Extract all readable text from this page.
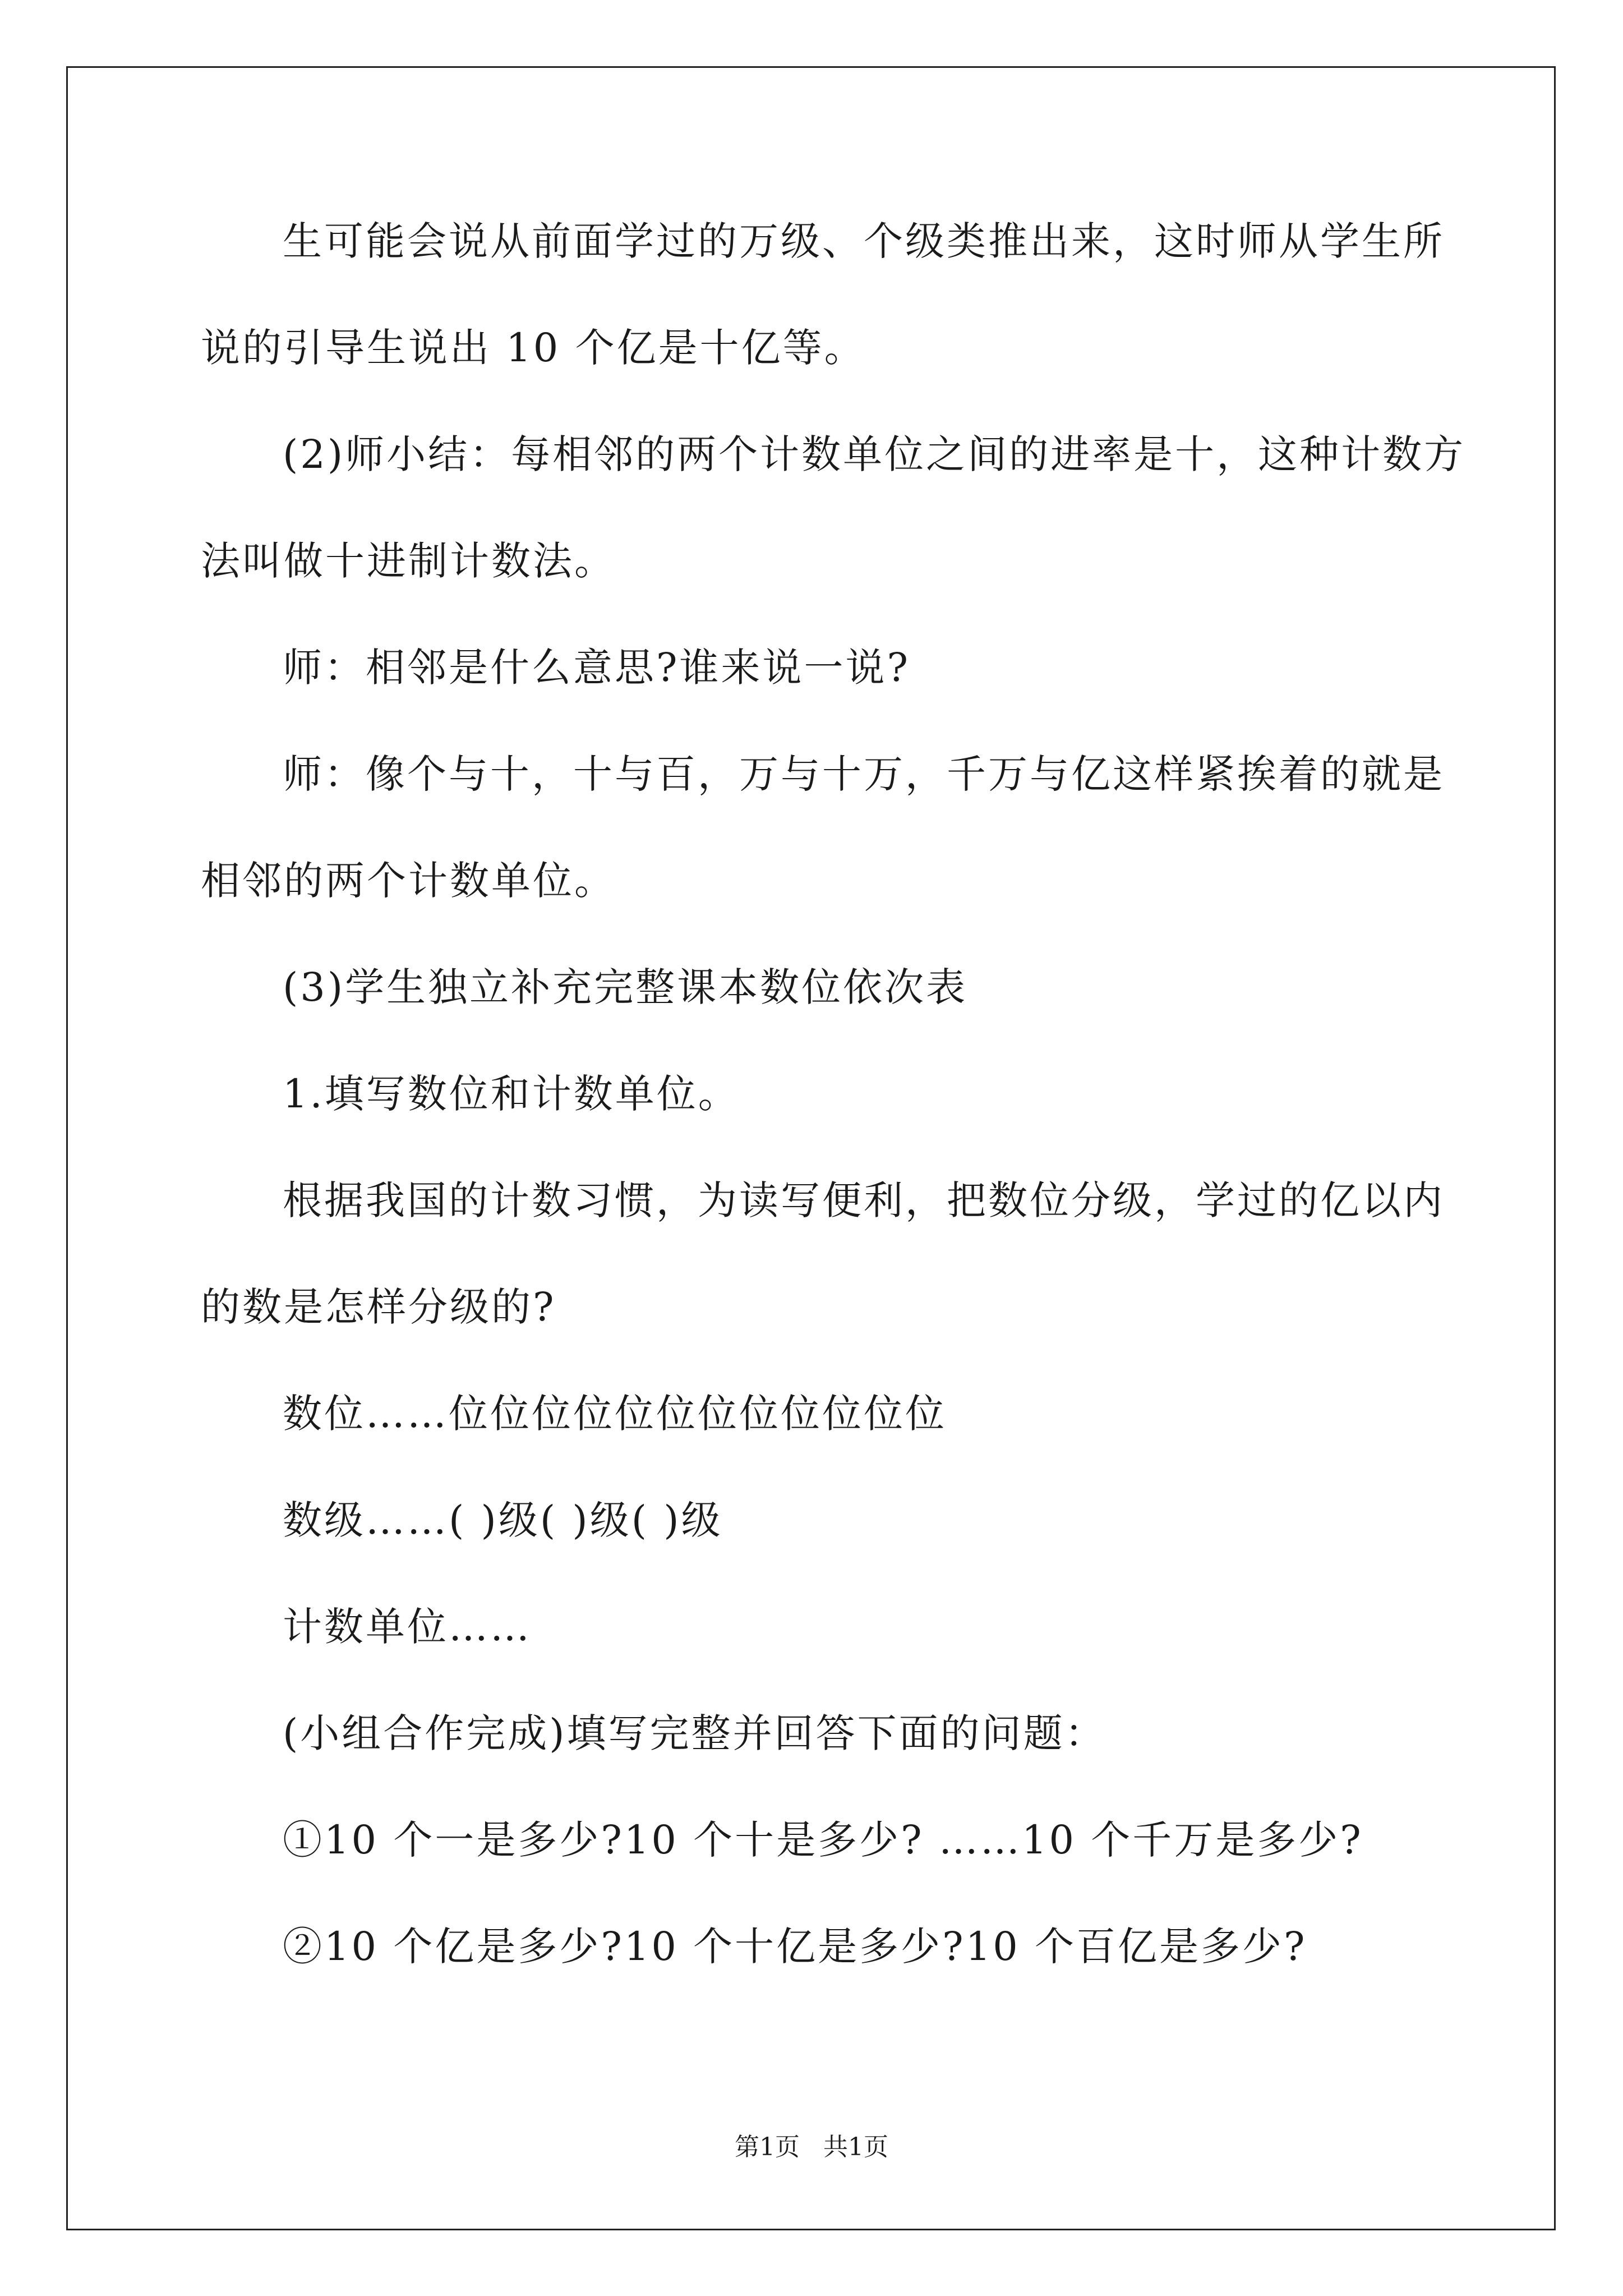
生可能会说从前面学过的万级、个级类推出来，这时师从学生所
说的引导生说出 10 个亿是十亿等。
(2)师小结：每相邻的两个计数单位之间的进率是十，这种计数方
法叫做十进制计数法。
师：相邻是什么意思?谁来说一说?
师：像个与十，十与百，万与十万，千万与亿这样紧挨着的就是
相邻的两个计数单位。
(3)学生独立补充完整课本数位依次表
1.填写数位和计数单位。
根据我国的计数习惯，为读写便利，把数位分级，学过的亿以内
的数是怎样分级的?
数位……位位位位位位位位位位位位
数级……( )级( )级( )级
计数单位……
(小组合作完成)填写完整并回答下面的问题：
①10 个一是多少?10 个十是多少? ……10 个千万是多少?
②10 个亿是多少?10 个十亿是多少?10 个百亿是多少?
第1页   共1页
